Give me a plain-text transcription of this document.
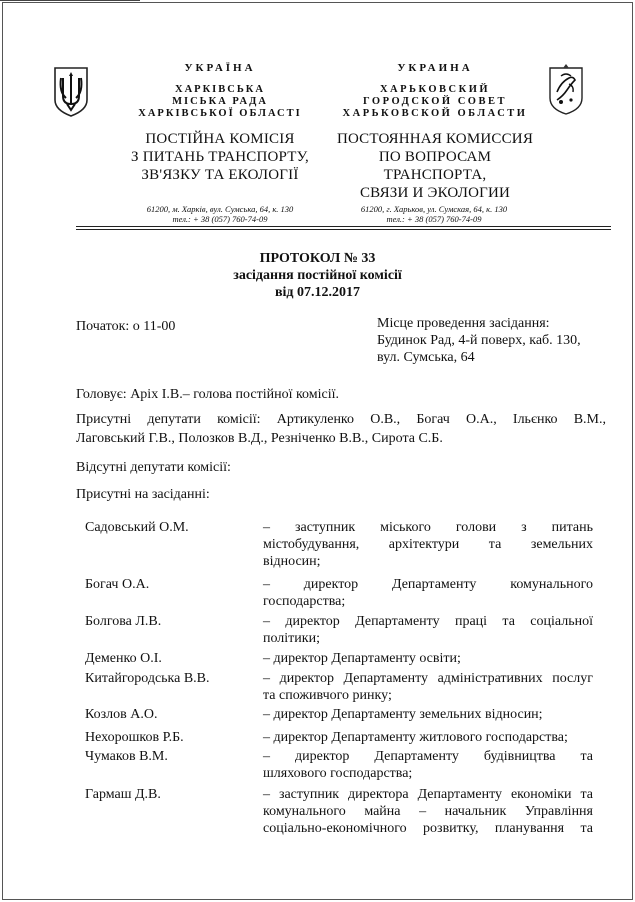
УКРАЇНА
ХАРКІВСЬКА
МІСЬКА РАДА
ХАРКІВСЬКОЇ ОБЛАСТІ
ПОСТІЙНА КОМІСІЯ
З ПИТАНЬ ТРАНСПОРТУ,
ЗВ'ЯЗКУ ТА ЕКОЛОГІЇ
УКРАИНА
ХАРЬКОВСКИЙ
ГОРОДСКОЙ СОВЕТ
ХАРЬКОВСКОЙ ОБЛАСТИ
ПОСТОЯННАЯ КОМИССИЯ
ПО ВОПРОСАМ ТРАНСПОРТА,
СВЯЗИ И ЭКОЛОГИИ
61200, м. Харків, вул. Сумська, 64, к. 130
тел.: + 38 (057) 760-74-09
61200, г. Харьков, ул. Сумская, 64, к. 130
тел.: + 38 (057) 760-74-09
ПРОТОКОЛ № 33
засідання постійної комісії
від 07.12.2017
Початок: о 11-00	Місце проведення засідання:
Будинок Рад, 4-й поверх, каб. 130,
вул. Сумська, 64
Головує: Аріх І.В.– голова постійної комісії.
Присутні депутати комісії: Артикуленко О.В., Богач О.А., Ільєнко В.М.,
Лаговський Г.В., Полозков В.Д., Резніченко В.В., Сирота С.Б.
Відсутні депутати комісії:
Присутні на засіданні:
Садовський О.М.	– заступник міського голови з питань
містобудування, архітектури та земельних
відносин;
Богач О.А.	– директор Департаменту комунального
господарства;
Болгова Л.В.	– директор Департаменту праці та соціальної
політики;
Деменко О.І.	– директор Департаменту освіти;
Китайгородська В.В.	– директор Департаменту адміністративних послуг
та споживчого ринку;
Козлов А.О.	– директор Департаменту земельних відносин;
Нехорошков Р.Б.	– директор Департаменту житлового господарства;
Чумаков В.М.	– директор Департаменту будівництва та
шляхового господарства;
Гармаш Д.В.	– заступник директора Департаменту економіки та
комунального майна – начальник Управління
соціально-економічного розвитку, планування та
